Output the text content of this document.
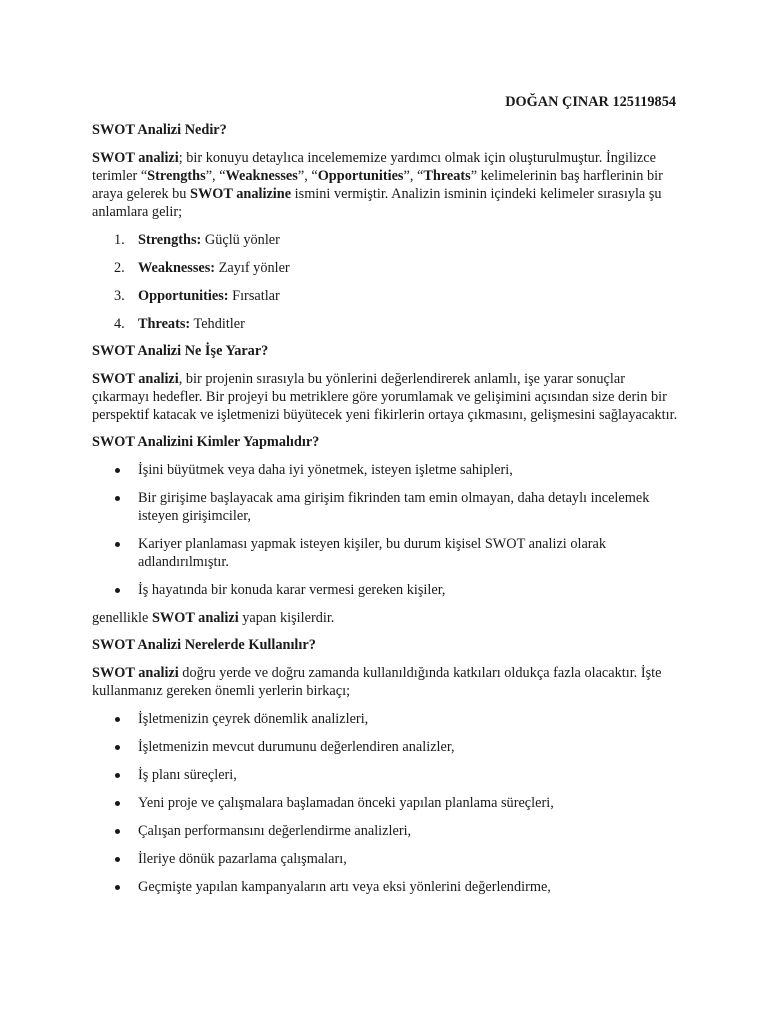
DOĞAN ÇINAR 125119854
SWOT Analizi Nedir?

SWOT analizi; bir konuyu detaylıca incelememize yardımcı olmak için oluşturulmuştur. İngilizce terimler “Strengths”, “Weaknesses”, “Opportunities”, “Threats” kelimelerinin baş harflerinin bir araya gelerek bu SWOT analizine ismini vermiştir. Analizin isminin içindeki kelimeler sırasıyla şu anlamlara gelir;

1. Strengths: Güçlü yönler
2. Weaknesses: Zayıf yönler
3. Opportunities: Fırsatlar
4. Threats: Tehditler
SWOT Analizi Ne İşe Yarar?

SWOT analizi, bir projenin sırasıyla bu yönlerini değerlendirerek anlamlı, işe yarar sonuçlar çıkarmayı hedefler. Bir projeyi bu metriklere göre yorumlamak ve gelişimini açısından size derin bir perspektif katacak ve işletmenizi büyütecek yeni fikirlerin ortaya çıkmasını, gelişmesini sağlayacaktır.

SWOT Analizini Kimler Yapmalıdır?
İşini büyütmek veya daha iyi yönetmek, isteyen işletme sahipleri,
Bir girişime başlayacak ama girişim fikrinden tam emin olmayan, daha detaylı incelemek isteyen girişimciler,
Kariyer planlaması yapmak isteyen kişiler, bu durum kişisel SWOT analizi olarak adlandırılmıştır.
İş hayatında bir konuda karar vermesi gereken kişiler,

genellikle SWOT analizi yapan kişilerdir.

SWOT Analizi Nerelerde Kullanılır?

SWOT analizi doğru yerde ve doğru zamanda kullanıldığında katkıları oldukça fazla olacaktır. İşte kullanmanız gereken önemli yerlerin birkaçı;

İşletmenizin çeyrek dönemlik analizleri,
İşletmenizin mevcut durumunu değerlendiren analizler,
İş planı süreçleri,
Yeni proje ve çalışmalara başlamadan önceki yapılan planlama süreçleri,
Çalışan performansını değerlendirme analizleri,
İleriye dönük pazarlama çalışmaları,
Geçmişte yapılan kampanyaların artı veya eksi yönlerini değerlendirme,
